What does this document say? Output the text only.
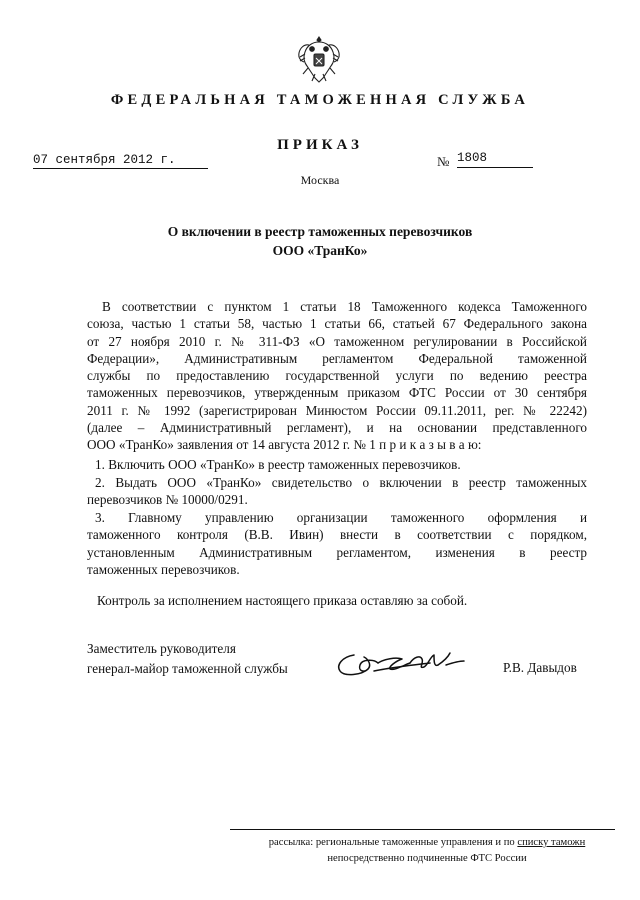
ФЕДЕРАЛЬНАЯ ТАМОЖЕННАЯ СЛУЖБА
ПРИКАЗ
07 сентября 2012 г.	№ 1808
Москва
О включении в реестр таможенных перевозчиков
ООО «ТранКо»
В соответствии с пунктом 1 статьи 18 Таможенного кодекса Таможенного
союза, частью 1 статьи 58, частью 1 статьи 66, статьей 67 Федерального закона
от 27 ноября 2010 г. № 311-ФЗ «О таможенном регулировании в Российской
Федерации», Административным регламентом Федеральной таможенной
службы по предоставлению государственной услуги по ведению реестра
таможенных перевозчиков, утвержденным приказом ФТС России от 30 сентября
2011 г. № 1992 (зарегистрирован Минюстом России 09.11.2011, рег. № 22242)
(далее – Административный регламент), и на основании представленного
ООО «ТранКо» заявления от 14 августа 2012 г. № 1 п р и к а з ы в а ю:
1. Включить ООО «ТранКо» в реестр таможенных перевозчиков.
2. Выдать ООО «ТранКо» свидетельство о включении в реестр таможенных
перевозчиков № 10000/0291.
3. Главному управлению организации таможенного оформления и
таможенного контроля (В.В. Ивин) внести в соответствии с порядком,
установленным Административным регламентом, изменения в реестр
таможенных перевозчиков.
Контроль за исполнением настоящего приказа оставляю за собой.
Заместитель руководителя
генерал-майор таможенной службы	Р.В. Давыдов
рассылка: региональные таможенные управления и по списку таможн
непосредственно подчиненные ФТС России
